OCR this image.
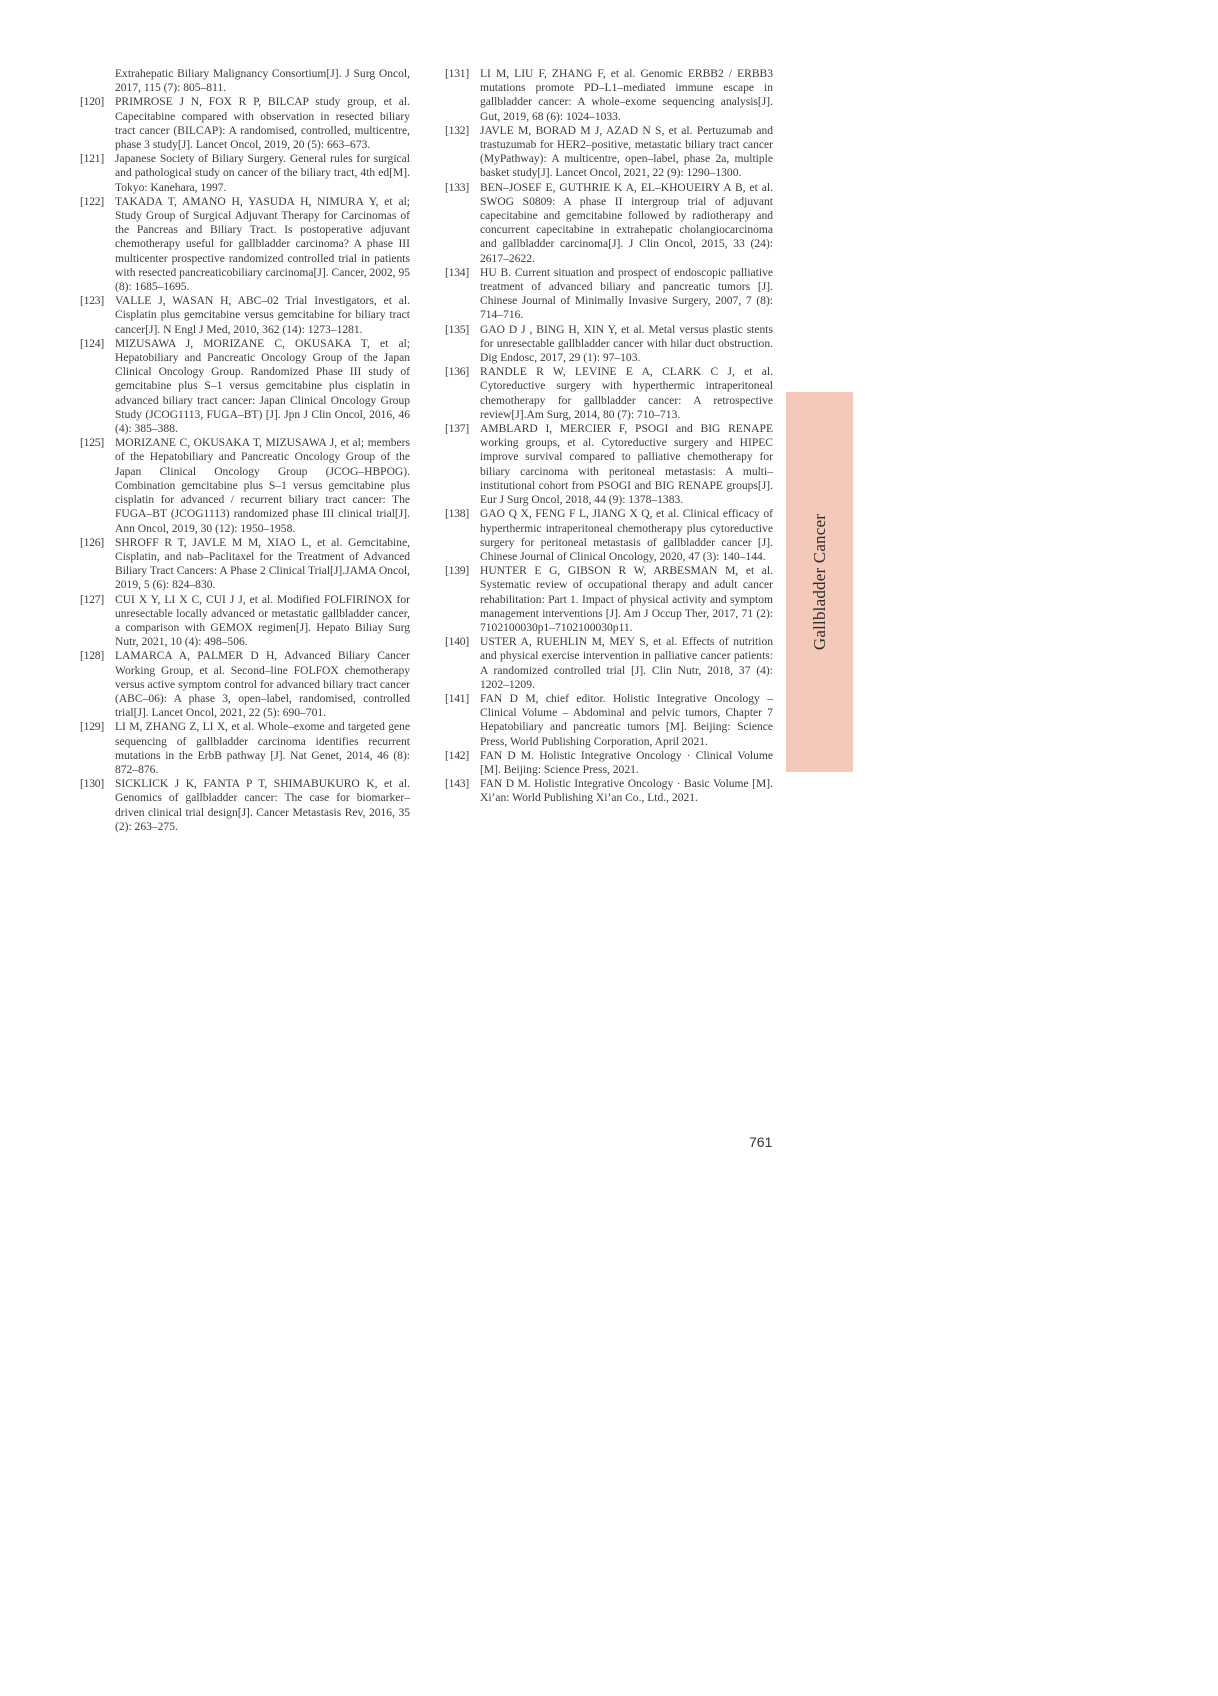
Extrahepatic Biliary Malignancy Consortium[J]. J Surg Oncol, 2017, 115 (7): 805–811.

[120] PRIMROSE J N, FOX R P, BILCAP study group, et al. Capecitabine compared with observation in resected biliary tract cancer (BILCAP): A randomised, controlled, multicentre, phase 3 study[J]. Lancet Oncol, 2019, 20 (5): 663–673.

[121] Japanese Society of Biliary Surgery. General rules for surgical and pathological study on cancer of the biliary tract, 4th ed[M]. Tokyo: Kanehara, 1997.

[122] TAKADA T, AMANO H, YASUDA H, NIMURA Y, et al; Study Group of Surgical Adjuvant Therapy for Carcinomas of the Pancreas and Biliary Tract. Is postoperative adjuvant chemotherapy useful for gallbladder carcinoma? A phase III multicenter prospective randomized controlled trial in patients with resected pancreaticobiliary carcinoma[J]. Cancer, 2002, 95 (8): 1685–1695.

[123] VALLE J, WASAN H, ABC–02 Trial Investigators, et al. Cisplatin plus gemcitabine versus gemcitabine for biliary tract cancer[J]. N Engl J Med, 2010, 362 (14): 1273–1281.

[124] MIZUSAWA J, MORIZANE C, OKUSAKA T, et al; Hepatobiliary and Pancreatic Oncology Group of the Japan Clinical Oncology Group. Randomized Phase III study of gemcitabine plus S–1 versus gemcitabine plus cisplatin in advanced biliary tract cancer: Japan Clinical Oncology Group Study (JCOG1113, FUGA–BT) [J]. Jpn J Clin Oncol, 2016, 46 (4): 385–388.

[125] MORIZANE C, OKUSAKA T, MIZUSAWA J, et al; members of the Hepatobiliary and Pancreatic Oncology Group of the Japan Clinical Oncology Group (JCOG–HBPOG). Combination gemcitabine plus S–1 versus gemcitabine plus cisplatin for advanced / recurrent biliary tract cancer: The FUGA–BT (JCOG1113) randomized phase III clinical trial[J]. Ann Oncol, 2019, 30 (12): 1950–1958.

[126] SHROFF R T, JAVLE M M, XIAO L, et al. Gemcitabine, Cisplatin, and nab–Paclitaxel for the Treatment of Advanced Biliary Tract Cancers: A Phase 2 Clinical Trial[J].JAMA Oncol, 2019, 5 (6): 824–830.

[127] CUI X Y, LI X C, CUI J J, et al. Modified FOLFIRINOX for unresectable locally advanced or metastatic gallbladder cancer, a comparison with GEMOX regimen[J]. Hepato Biliay Surg Nutr, 2021, 10 (4): 498–506.

[128] LAMARCA A, PALMER D H, Advanced Biliary Cancer Working Group, et al. Second–line FOLFOX chemotherapy versus active symptom control for advanced biliary tract cancer (ABC–06): A phase 3, open–label, randomised, controlled trial[J]. Lancet Oncol, 2021, 22 (5): 690–701.

[129] LI M, ZHANG Z, LI X, et al. Whole–exome and targeted gene sequencing of gallbladder carcinoma identifies recurrent mutations in the ErbB pathway [J]. Nat Genet, 2014, 46 (8): 872–876.

[130] SICKLICK J K, FANTA P T, SHIMABUKURO K, et al. Genomics of gallbladder cancer: The case for biomarker–driven clinical trial design[J]. Cancer Metastasis Rev, 2016, 35 (2): 263–275.

[131] LI M, LIU F, ZHANG F, et al. Genomic ERBB2 / ERBB3 mutations promote PD–L1–mediated immune escape in gallbladder cancer: A whole–exome sequencing analysis[J]. Gut, 2019, 68 (6): 1024–1033.

[132] JAVLE M, BORAD M J, AZAD N S, et al. Pertuzumab and trastuzumab for HER2–positive, metastatic biliary tract cancer (MyPathway): A multicentre, open–label, phase 2a, multiple basket study[J]. Lancet Oncol, 2021, 22 (9): 1290–1300.

[133] BEN–JOSEF E, GUTHRIE K A, EL–KHOUEIRY A B, et al. SWOG S0809: A phase II intergroup trial of adjuvant capecitabine and gemcitabine followed by radiotherapy and concurrent capecitabine in extrahepatic cholangiocarcinoma and gallbladder carcinoma[J]. J Clin Oncol, 2015, 33 (24): 2617–2622.

[134] HU B. Current situation and prospect of endoscopic palliative treatment of advanced biliary and pancreatic tumors [J]. Chinese Journal of Minimally Invasive Surgery, 2007, 7 (8): 714–716.

[135] GAO D J , BING H, XIN Y, et al. Metal versus plastic stents for unresectable gallbladder cancer with hilar duct obstruction. Dig Endosc, 2017, 29 (1): 97–103.

[136] RANDLE R W, LEVINE E A, CLARK C J, et al. Cytoreductive surgery with hyperthermic intraperitoneal chemotherapy for gallbladder cancer: A retrospective review[J].Am Surg, 2014, 80 (7): 710–713.

[137] AMBLARD I, MERCIER F, PSOGI and BIG RENAPE working groups, et al. Cytoreductive surgery and HIPEC improve survival compared to palliative chemotherapy for biliary carcinoma with peritoneal metastasis: A multi–institutional cohort from PSOGI and BIG RENAPE groups[J]. Eur J Surg Oncol, 2018, 44 (9): 1378–1383.

[138] GAO Q X, FENG F L, JIANG X Q, et al. Clinical efficacy of hyperthermic intraperitoneal chemotherapy plus cytoreductive surgery for peritoneal metastasis of gallbladder cancer [J]. Chinese Journal of Clinical Oncology, 2020, 47 (3): 140–144.

[139] HUNTER E G, GIBSON R W, ARBESMAN M, et al. Systematic review of occupational therapy and adult cancer rehabilitation: Part 1. Impact of physical activity and symptom management interventions [J]. Am J Occup Ther, 2017, 71 (2): 7102100030p1–7102100030p11.

[140] USTER A, RUEHLIN M, MEY S, et al. Effects of nutrition and physical exercise intervention in palliative cancer patients: A randomized controlled trial [J]. Clin Nutr, 2018, 37 (4): 1202–1209.

[141] FAN D M, chief editor. Holistic Integrative Oncology – Clinical Volume – Abdominal and pelvic tumors, Chapter 7 Hepatobiliary and pancreatic tumors [M]. Beijing: Science Press, World Publishing Corporation, April 2021.

[142] FAN D M. Holistic Integrative Oncology · Clinical Volume [M]. Beijing: Science Press, 2021.

[143] FAN D M. Holistic Integrative Oncology · Basic Volume [M]. Xi’an: World Publishing Xi’an Co., Ltd., 2021.

Gallbladder Cancer
761
